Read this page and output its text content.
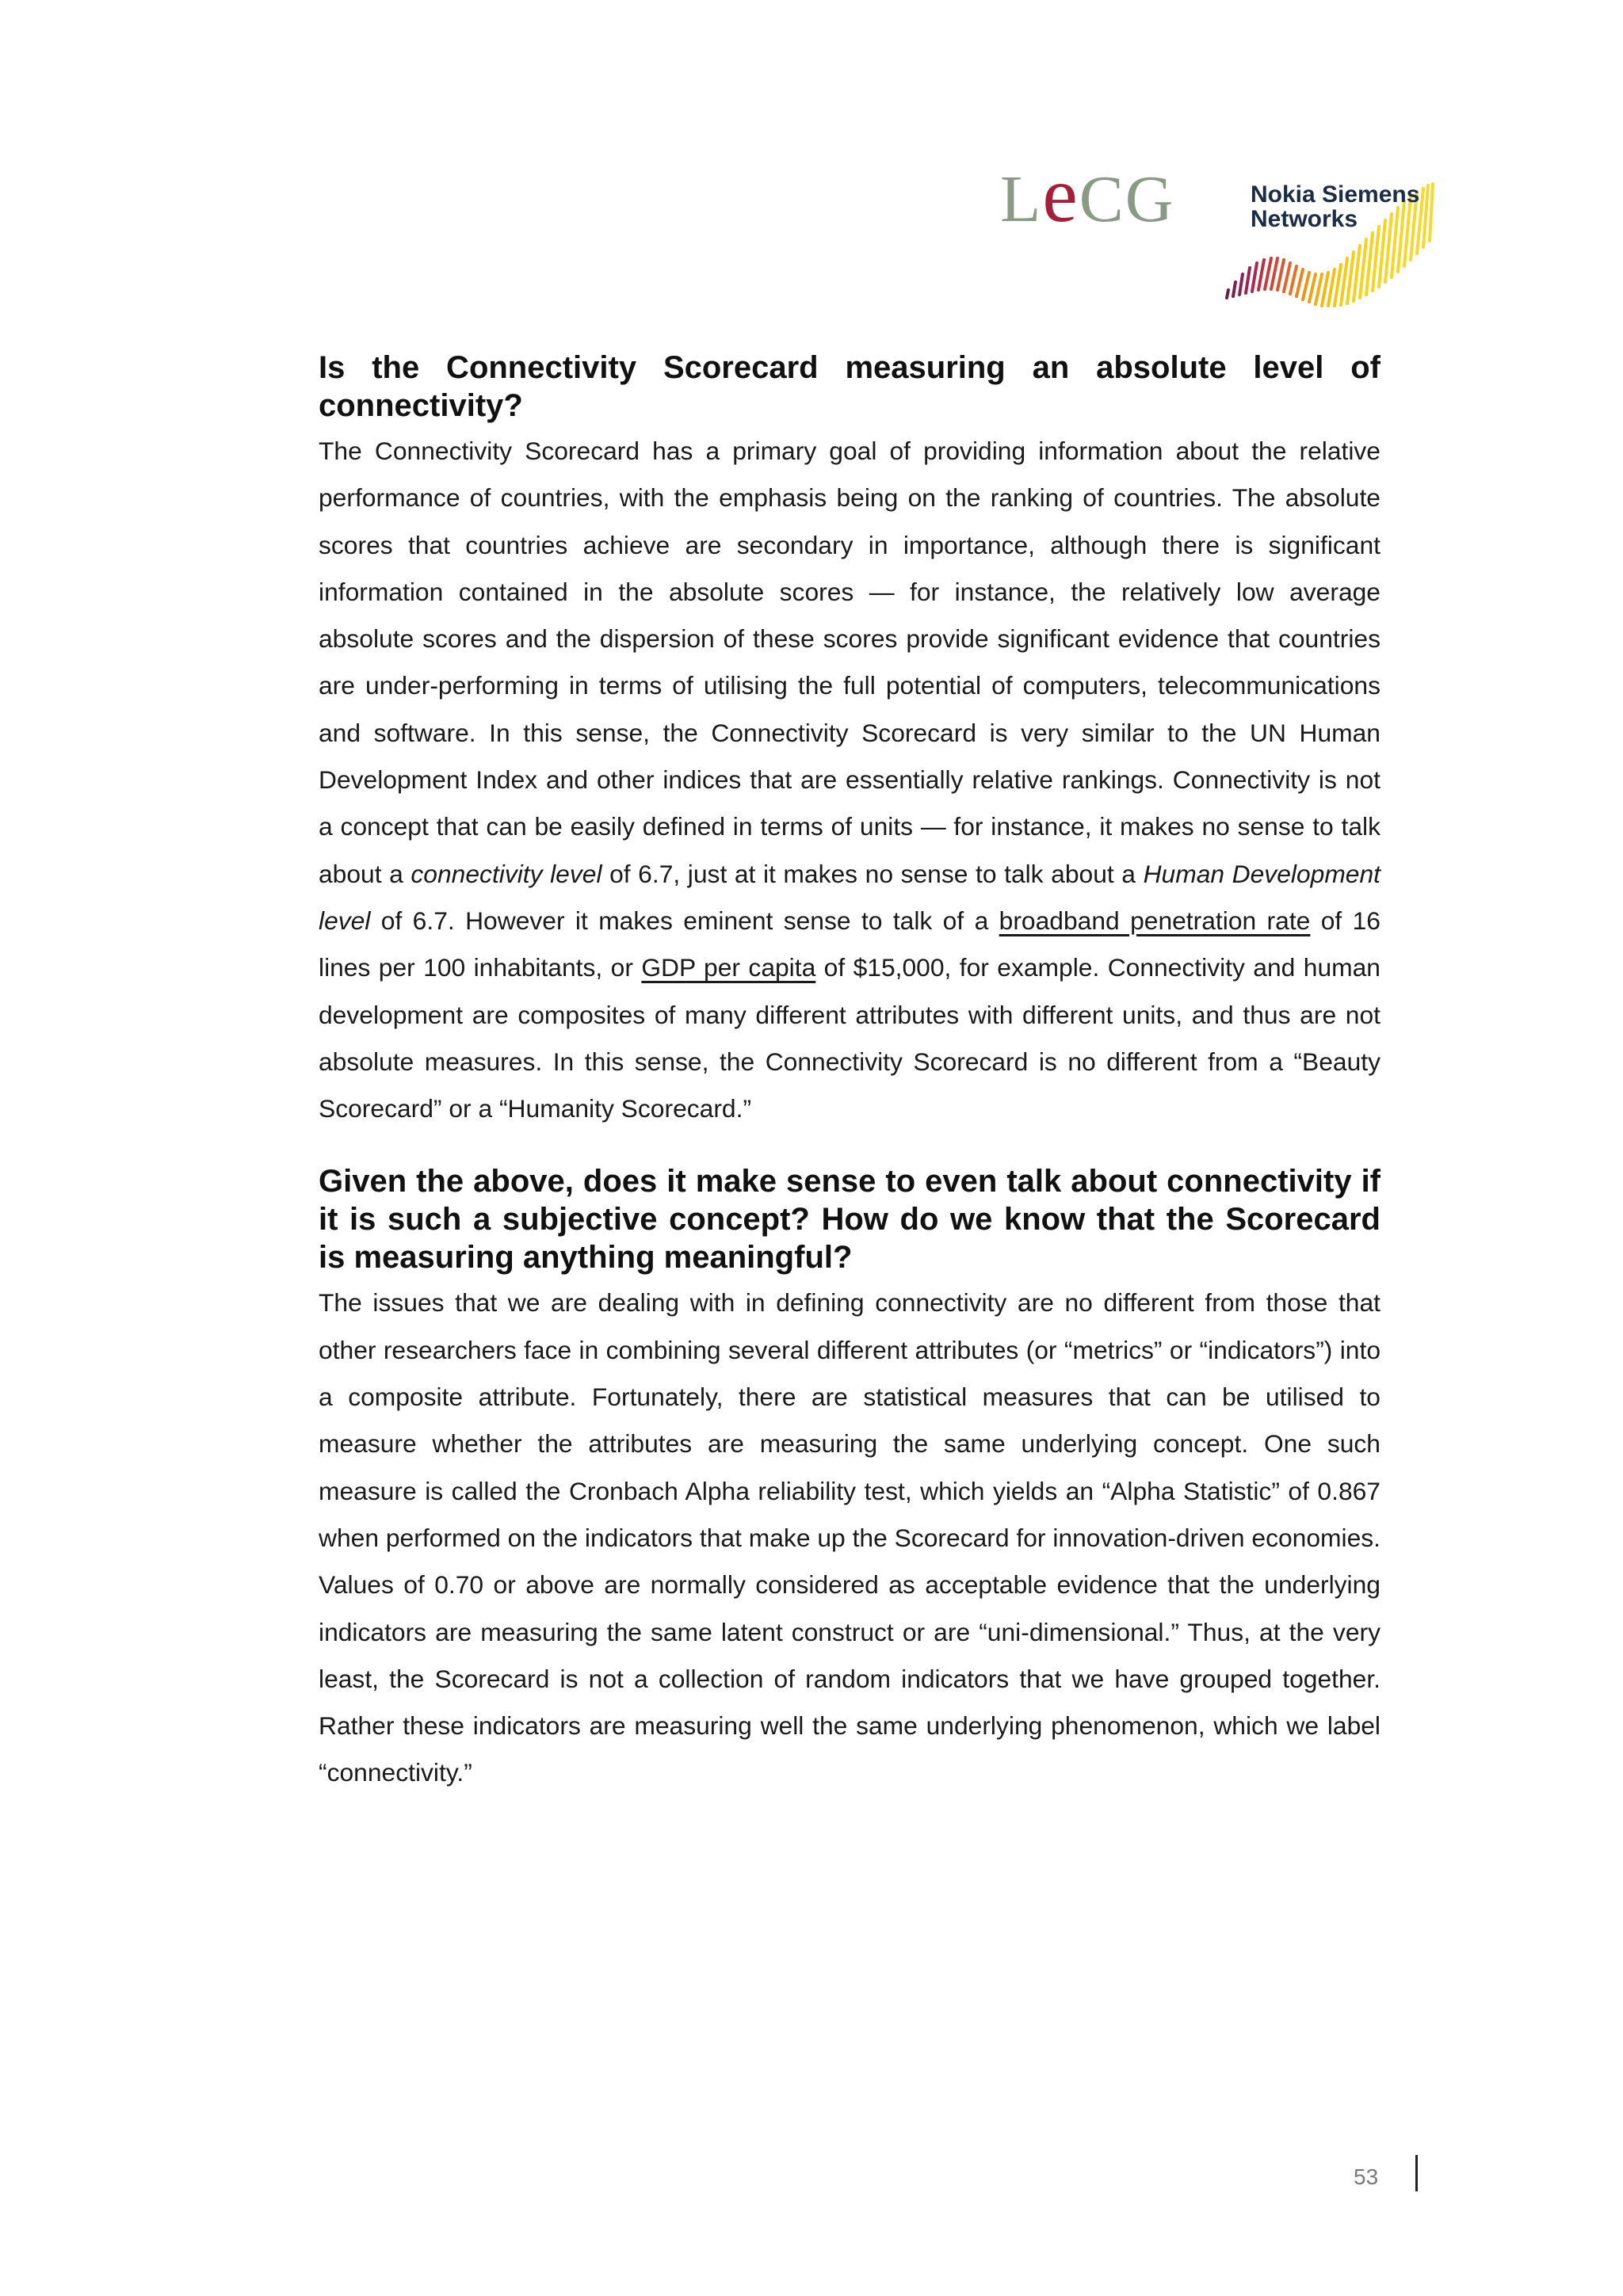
LeCG	Nokia Siemens
Networks
Is the Connectivity Scorecard measuring an absolute level of connectivity?

The Connectivity Scorecard has a primary goal of providing information about the relative performance of countries, with the emphasis being on the ranking of countries. The absolute scores that countries achieve are secondary in importance, although there is significant information contained in the absolute scores — for instance, the relatively low average absolute scores and the dispersion of these scores provide significant evidence that countries are under-performing in terms of utilising the full potential of computers, telecommunications and software. In this sense, the Connectivity Scorecard is very similar to the UN Human Development Index and other indices that are essentially relative rankings. Connectivity is not a concept that can be easily defined in terms of units — for instance, it makes no sense to talk about a connectivity level of 6.7, just at it makes no sense to talk about a Human Development level of 6.7. However it makes eminent sense to talk of a broadband penetration rate of 16 lines per 100 inhabitants, or GDP per capita of $15,000, for example. Connectivity and human development are composites of many different attributes with different units, and thus are not absolute measures. In this sense, the Connectivity Scorecard is no different from a “Beauty Scorecard” or a “Humanity Scorecard.”

Given the above, does it make sense to even talk about connectivity if it is such a subjective concept? How do we know that the Scorecard is measuring anything meaningful?

The issues that we are dealing with in defining connectivity are no different from those that other researchers face in combining several different attributes (or “metrics” or “indicators”) into a composite attribute. Fortunately, there are statistical measures that can be utilised to measure whether the attributes are measuring the same underlying concept. One such measure is called the Cronbach Alpha reliability test, which yields an “Alpha Statistic” of 0.867 when performed on the indicators that make up the Scorecard for innovation-driven economies. Values of 0.70 or above are normally considered as acceptable evidence that the underlying indicators are measuring the same latent construct or are “uni-dimensional.” Thus, at the very least, the Scorecard is not a collection of random indicators that we have grouped together. Rather these indicators are measuring well the same underlying phenomenon, which we label “connectivity.”

53
